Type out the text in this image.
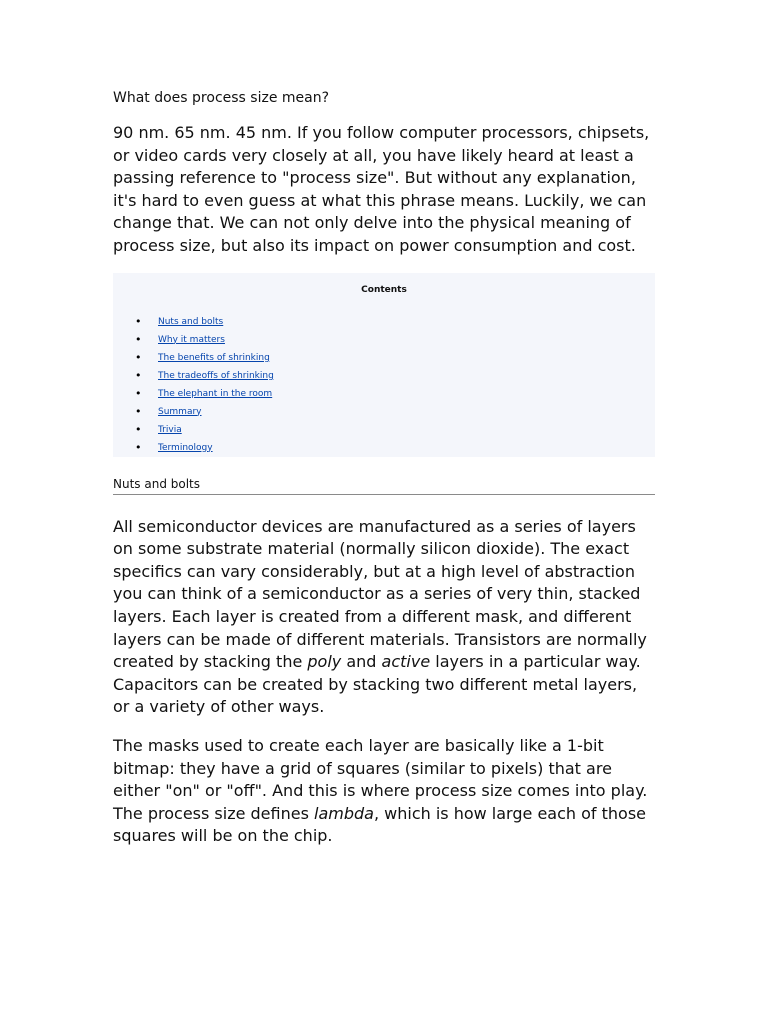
What does process size mean?

90 nm. 65 nm. 45 nm. If you follow computer processors, chipsets, or video cards very closely at all, you have likely heard at least a passing reference to "process size". But without any explanation, it's hard to even guess at what this phrase means. Luckily, we can change that. We can not only delve into the physical meaning of process size, but also its impact on power consumption and cost.

Contents
• Nuts and bolts
• Why it matters
• The benefits of shrinking
• The tradeoffs of shrinking
• The elephant in the room
• Summary
• Trivia
• Terminology
Nuts and bolts

All semiconductor devices are manufactured as a series of layers on some substrate material (normally silicon dioxide). The exact specifics can vary considerably, but at a high level of abstraction you can think of a semiconductor as a series of very thin, stacked layers. Each layer is created from a different mask, and different layers can be made of different materials. Transistors are normally created by stacking the poly and active layers in a particular way. Capacitors can be created by stacking two different metal layers, or a variety of other ways.

The masks used to create each layer are basically like a 1-bit bitmap: they have a grid of squares (similar to pixels) that are either "on" or "off". And this is where process size comes into play. The process size defines lambda, which is how large each of those squares will be on the chip.
